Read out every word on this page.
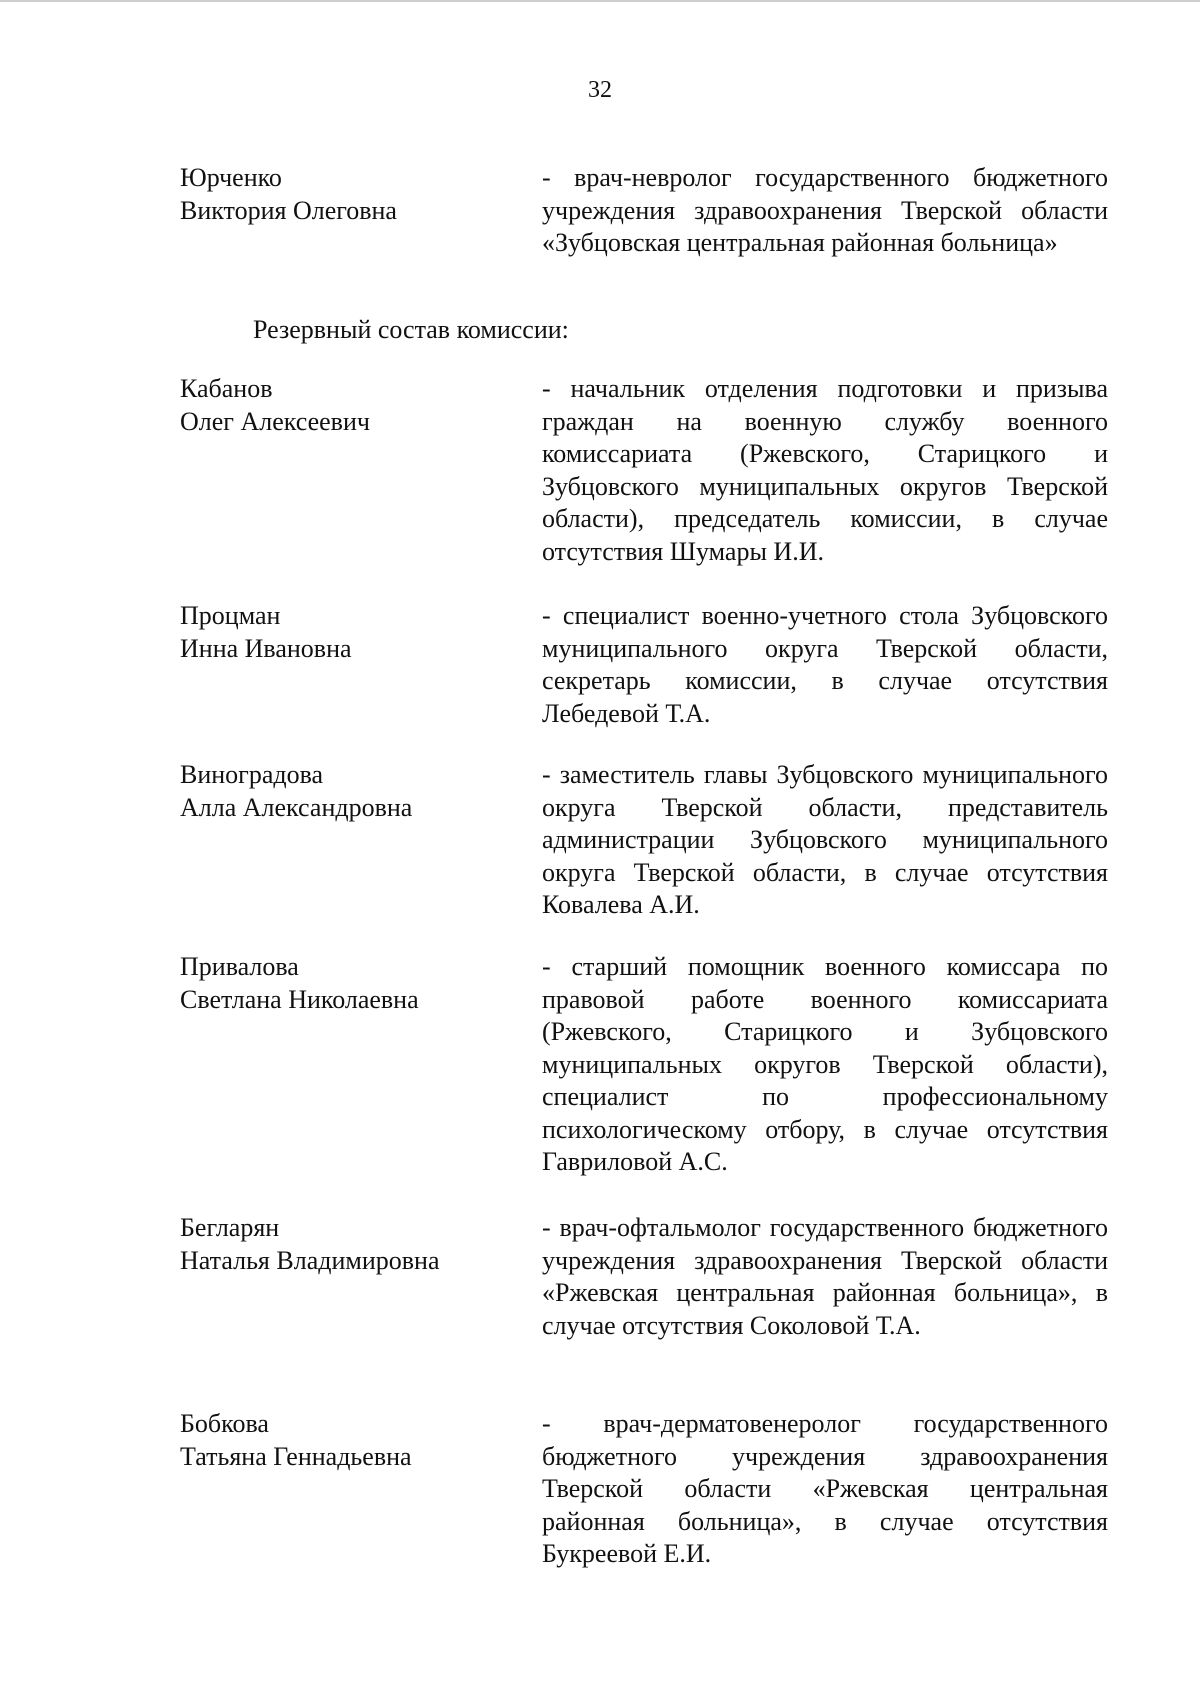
32
Юрченко
Виктория Олеговна
- врач-невролог государственного бюджетного учреждения здравоохранения Тверской области «Зубцовская центральная районная больница»
Резервный состав комиссии:
Кабанов
Олег Алексеевич
- начальник отделения подготовки и призыва граждан на военную службу военного комиссариата (Ржевского, Старицкого и Зубцовского муниципальных округов Тверской области), председатель комиссии, в случае отсутствия Шумары И.И.
Процман
Инна Ивановна
- специалист военно-учетного стола Зубцовского муниципального округа Тверской области, секретарь комиссии, в случае отсутствия Лебедевой Т.А.
Виноградова
Алла Александровна
- заместитель главы Зубцовского муниципального округа Тверской области, представитель администрации Зубцовского муниципального округа Тверской области, в случае отсутствия Ковалева А.И.
Привалова
Светлана Николаевна
- старший помощник военного комиссара по правовой работе военного комиссариата (Ржевского, Старицкого и Зубцовского муниципальных округов Тверской области), специалист по профессиональному психологическому отбору, в случае отсутствия Гавриловой А.С.
Бегларян
Наталья Владимировна
- врач-офтальмолог государственного бюджетного учреждения здравоохранения Тверской области «Ржевская центральная районная больница», в случае отсутствия Соколовой Т.А.
Бобкова
Татьяна Геннадьевна
- врач-дерматовенеролог государственного бюджетного учреждения здравоохранения Тверской области «Ржевская центральная районная больница», в случае отсутствия Букреевой Е.И.
